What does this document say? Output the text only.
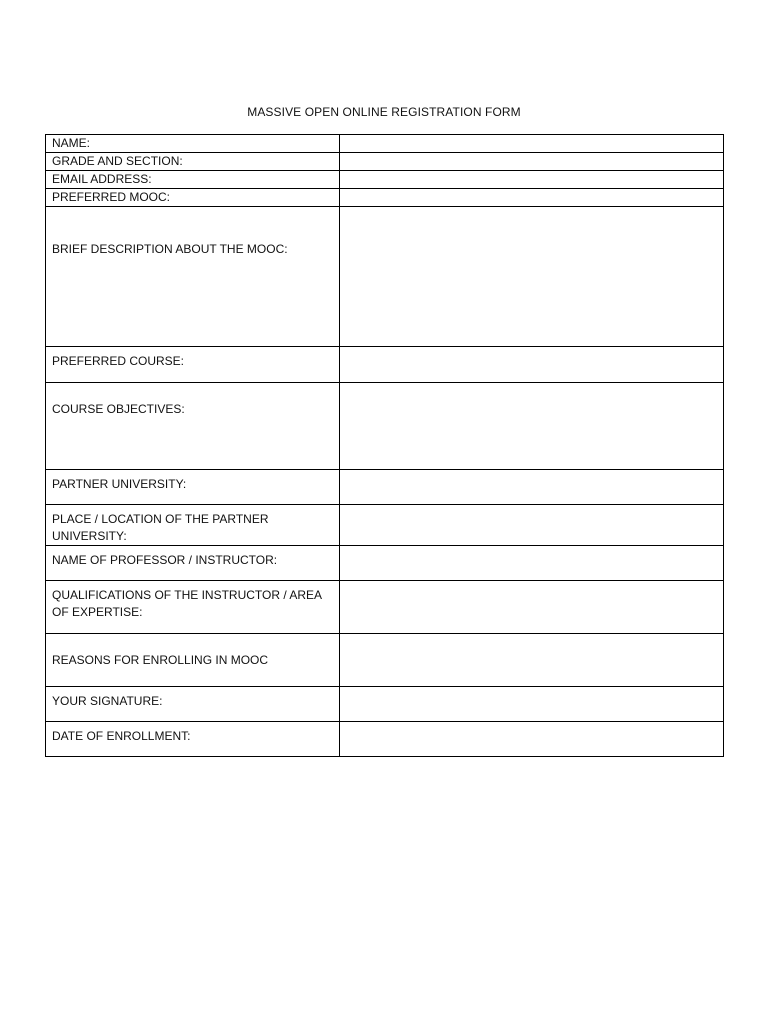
MASSIVE OPEN ONLINE REGISTRATION FORM
NAME:	
GRADE AND SECTION:	
EMAIL ADDRESS:	
PREFERRED MOOC:	
BRIEF DESCRIPTION ABOUT THE MOOC:	
PREFERRED COURSE:	
COURSE OBJECTIVES:	
PARTNER UNIVERSITY:	
PLACE / LOCATION OF THE PARTNER UNIVERSITY:	
NAME OF PROFESSOR / INSTRUCTOR:	
QUALIFICATIONS OF THE INSTRUCTOR / AREA OF EXPERTISE:	
REASONS FOR ENROLLING IN MOOC	
YOUR SIGNATURE:	
DATE OF ENROLLMENT:	
